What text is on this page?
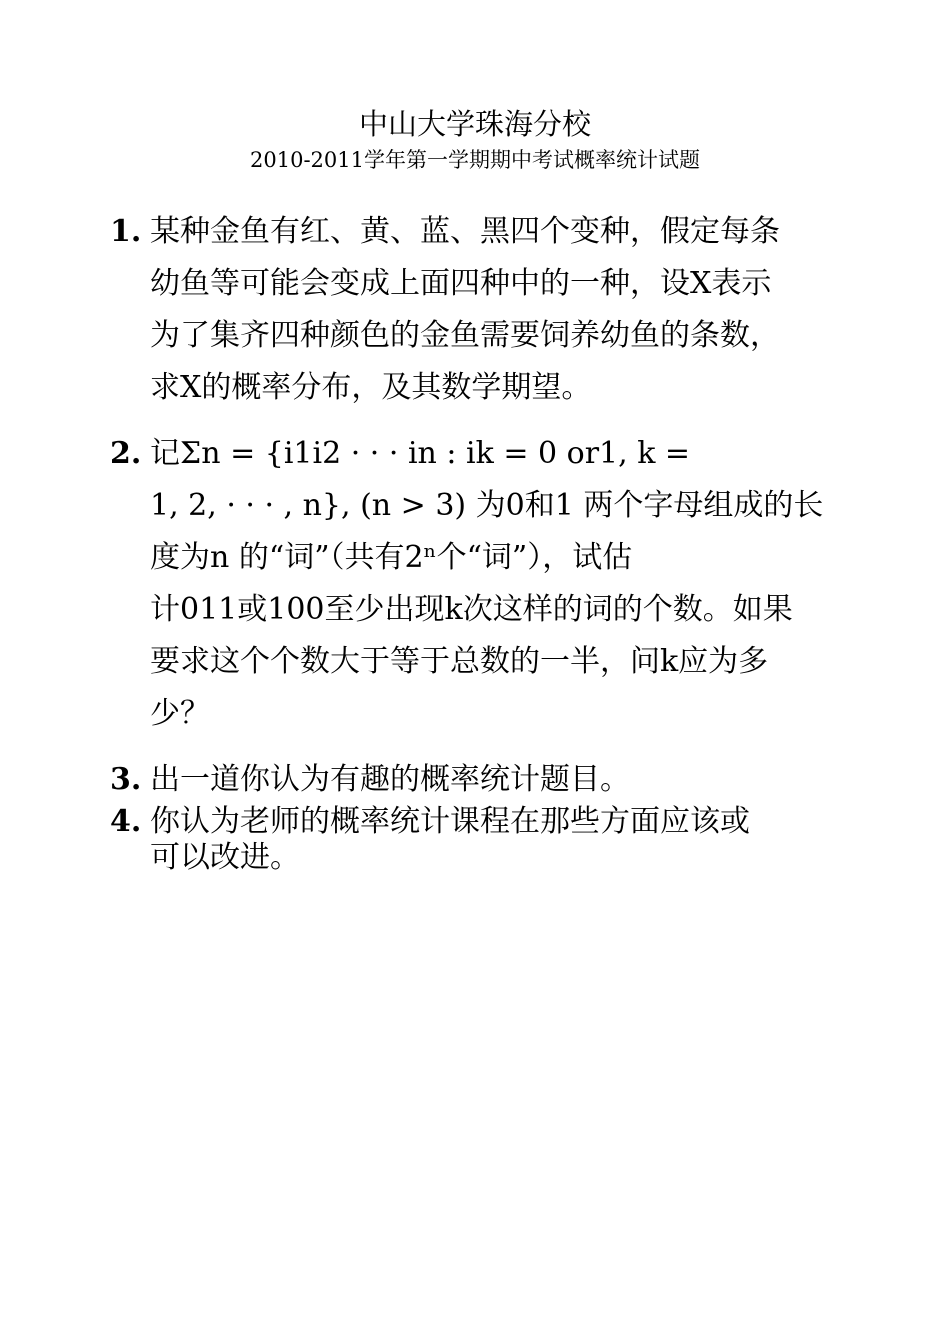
中山大学珠海分校
2010-2011学年第一学期期中考试概率统计试题
1. 某种金鱼有红、黄、蓝、黑四个变种，假定每条
幼鱼等可能会变成上面四种中的一种，设X表示
为了集齐四种颜色的金鱼需要饲养幼鱼的条数，
求X的概率分布，及其数学期望。
2. 记Σn = {i1i2 · · · in : ik = 0 or1, k =
1, 2, · · · , n}, (n > 3) 为0和1 两个字母组成的长
度为n 的“词”（共有2ⁿ个“词”），试估
计011或100至少出现k次这样的词的个数。如果
要求这个个数大于等于总数的一半，问k应为多
少？
3. 出一道你认为有趣的概率统计题目。
4. 你认为老师的概率统计课程在那些方面应该或
可以改进。
